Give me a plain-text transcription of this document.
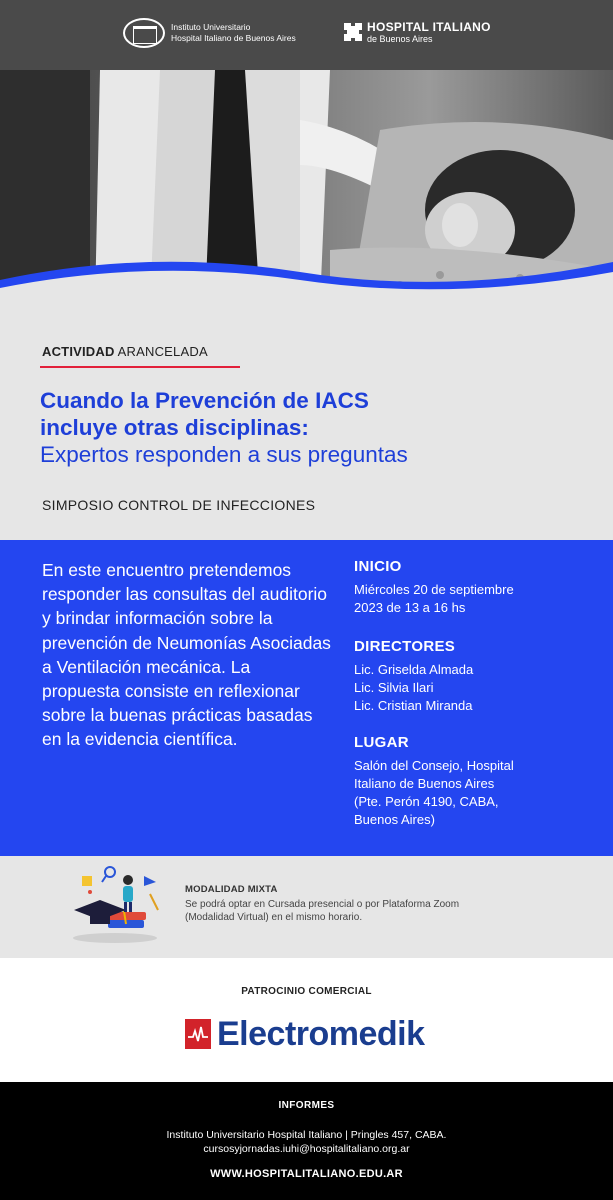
Instituto Universitario
Hospital Italiano de Buenos Aires
HOSPITAL ITALIANO
de Buenos Aires
ACTIVIDAD ARANCELADA
Cuando la Prevención de IACS
incluye otras disciplinas:
Expertos responden a sus preguntas
SIMPOSIO CONTROL DE INFECCIONES
En este encuentro pretendemos responder las consultas del auditorio y brindar información sobre la prevención de Neumonías Asociadas a Ventilación mecánica. La propuesta consiste en reflexionar sobre la buenas prácticas basadas en la evidencia científica.
INICIO

Miércoles 20 de septiembre

2023 de 13 a 16 hs

DIRECTORES

Lic. Griselda Almada

Lic. Silvia Ilari

Lic. Cristian Miranda

LUGAR

Salón del Consejo, Hospital

Italiano de Buenos Aires

(Pte. Perón 4190, CABA,

Buenos Aires)

MODALIDAD MIXTA
Se podrá optar en Cursada presencial o por Plataforma Zoom
(Modalidad Virtual) en el mismo horario.
PATROCINIO COMERCIAL
Electromedik
INFORMES
Instituto Universitario Hospital Italiano | Pringles 457, CABA.
cursosyjornadas.iuhi@hospitalitaliano.org.ar
WWW.HOSPITALITALIANO.EDU.AR
